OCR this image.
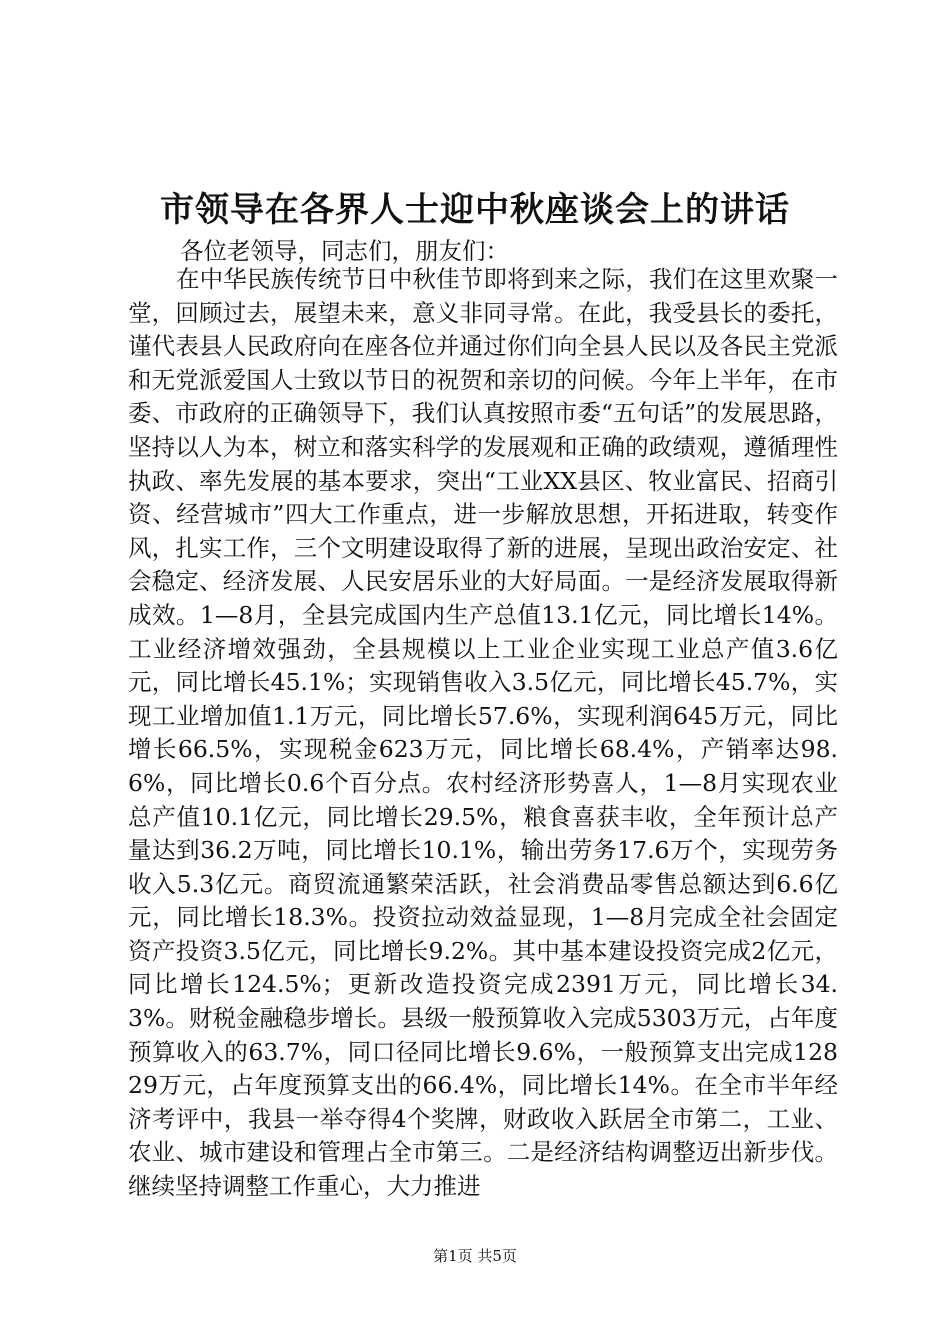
市领导在各界人士迎中秋座谈会上的讲话

各位老领导，同志们，朋友们：

在中华民族传统节日中秋佳节即将到来之际，我们在这里欢聚一堂，回顾过去，展望未来，意义非同寻常。在此，我受县长的委托，谨代表县人民政府向在座各位并通过你们向全县人民以及各民主党派和无党派爱国人士致以节日的祝贺和亲切的问候。今年上半年，在市委、市政府的正确领导下，我们认真按照市委“五句话”的发展思路，坚持以人为本，树立和落实科学的发展观和正确的政绩观，遵循理性执政、率先发展的基本要求，突出“工业XX县区、牧业富民、招商引资、经营城市”四大工作重点，进一步解放思想，开拓进取，转变作风，扎实工作，三个文明建设取得了新的进展，呈现出政治安定、社会稳定、经济发展、人民安居乐业的大好局面。一是经济发展取得新成效。1—8月，全县完成国内生产总值13.1亿元，同比增长14%。工业经济增效强劲，全县规模以上工业企业实现工业总产值3.6亿元，同比增长45.1%；实现销售收入3.5亿元，同比增长45.7%，实现工业增加值1.1万元，同比增长57.6%，实现利润645万元，同比增长66.5%，实现税金623万元，同比增长68.4%，产销率达98.6%，同比增长0.6个百分点。农村经济形势喜人，1—8月实现农业总产值10.1亿元，同比增长29.5%，粮食喜获丰收，全年预计总产量达到36.2万吨，同比增长10.1%，输出劳务17.6万个，实现劳务收入5.3亿元。商贸流通繁荣活跃，社会消费品零售总额达到6.6亿元，同比增长18.3%。投资拉动效益显现，1—8月完成全社会固定资产投资3.5亿元，同比增长9.2%。其中基本建设投资完成2亿元，同比增长124.5%；更新改造投资完成2391万元，同比增长34.3%。财税金融稳步增长。县级一般预算收入完成5303万元，占年度预算收入的63.7%，同口径同比增长9.6%，一般预算支出完成12829万元，占年度预算支出的66.4%，同比增长14%。在全市半年经济考评中，我县一举夺得4个奖牌，财政收入跃居全市第二，工业、农业、城市建设和管理占全市第三。二是经济结构调整迈出新步伐。继续坚持调整工作重心，大力推进

第1页 共5页
